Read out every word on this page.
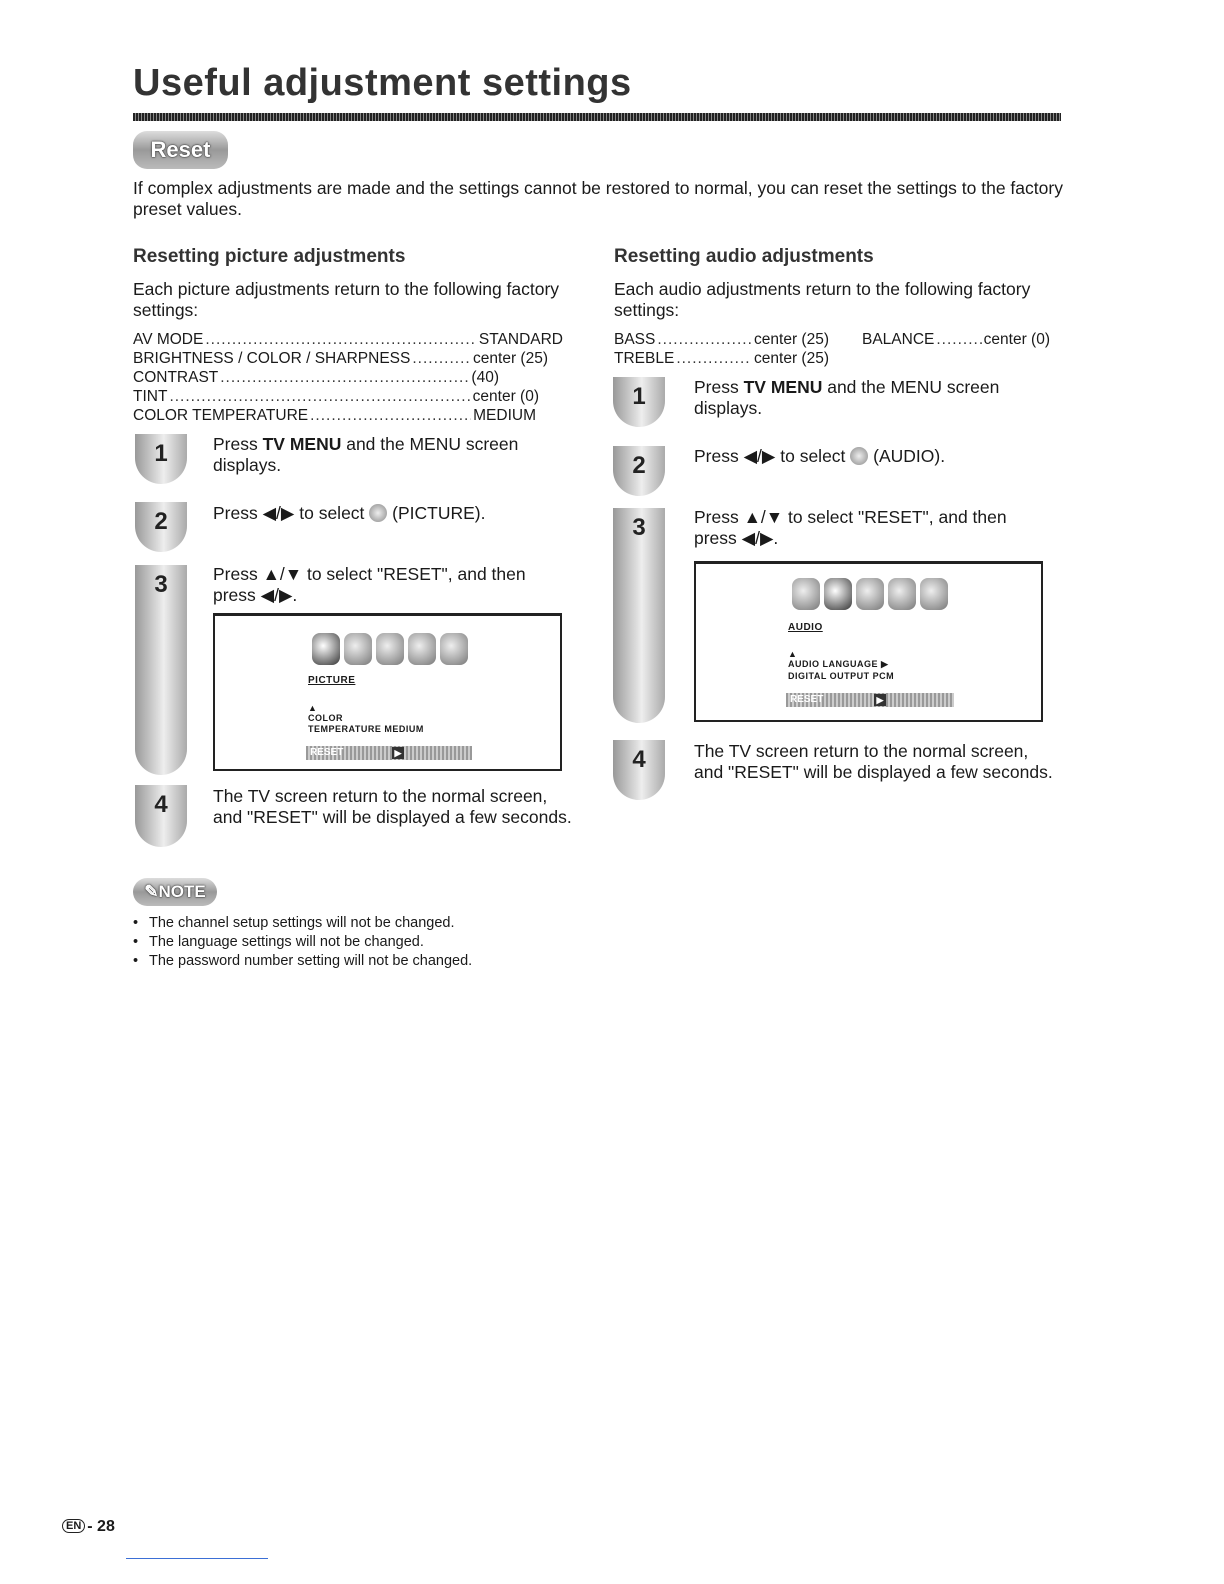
Useful adjustment settings
Reset
If complex adjustments are made and the settings cannot be restored to normal, you can reset the settings to the factory preset values.
Resetting picture adjustments
Each picture adjustments return to the following factory settings:
AV MODE .....	STANDARD
BRIGHTNESS / COLOR / SHARPNESS .....	center (25)
CONTRAST .....	(40)
TINT .....	center (0)
COLOR TEMPERATURE .....	MEDIUM
1	Press TV MENU and the MENU screen displays.
2	Press ◀/▶ to select  (PICTURE).
3	Press ▲/▼ to select "RESET", and then press ◀/▶.
PICTURE
▲
COLOR
TEMPERATURE MEDIUM
RESET	▶
4	The TV screen return to the normal screen, and "RESET" will be displayed a few seconds.
Resetting audio adjustments
Each audio adjustments return to the following factory settings:
BASS .....	center (25)
TREBLE .....	center (25)
BALANCE .....	center (0)
1	Press TV MENU and the MENU screen displays.
2	Press ◀/▶ to select  (AUDIO).
3	Press ▲/▼ to select "RESET", and then press ◀/▶.
AUDIO
▲
AUDIO LANGUAGE ▶
DIGITAL OUTPUT PCM
RESET	▶
4	The TV screen return to the normal screen, and "RESET" will be displayed a few seconds.
✎NOTE
• The channel setup settings will not be changed.
• The language settings will not be changed.
• The password number setting will not be changed.
EN - 28
